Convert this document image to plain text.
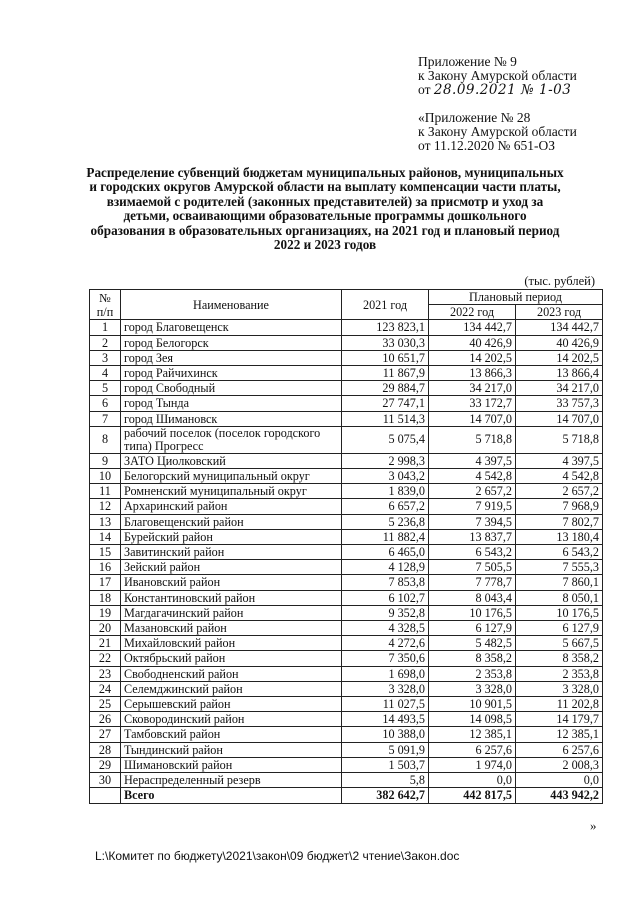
Приложение № 9
к Закону Амурской области
от 28.09.2021 № 1-03
«Приложение № 28
к Закону Амурской области
от 11.12.2020 № 651-ОЗ
Распределение субвенций бюджетам муниципальных районов, муниципальных и городских округов Амурской области на выплату компенсации части платы, взимаемой с родителей (законных представителей) за присмотр и уход за детьми, осваивающими образовательные программы дошкольного образования в образовательных организациях, на 2021 год и плановый период 2022 и 2023 годов
(тыс. рублей)
№ п/п	Наименование	2021 год	Плановый период	
			2022 год	2023 год
1	город Благовещенск	123 823,1	134 442,7	134 442,7
2	город Белогорск	33 030,3	40 426,9	40 426,9
3	город Зея	10 651,7	14 202,5	14 202,5
4	город Райчихинск	11 867,9	13 866,3	13 866,4
5	город Свободный	29 884,7	34 217,0	34 217,0
6	город Тында	27 747,1	33 172,7	33 757,3
7	город Шимановск	11 514,3	14 707,0	14 707,0
8	рабочий поселок (поселок городского типа) Прогресс	5 075,4	5 718,8	5 718,8
9	ЗАТО Циолковский	2 998,3	4 397,5	4 397,5
10	Белогорский муниципальный округ	3 043,2	4 542,8	4 542,8
11	Ромненский муниципальный округ	1 839,0	2 657,2	2 657,2
12	Архаринский район	6 657,2	7 919,5	7 968,9
13	Благовещенский район	5 236,8	7 394,5	7 802,7
14	Бурейский район	11 882,4	13 837,7	13 180,4
15	Завитинский район	6 465,0	6 543,2	6 543,2
16	Зейский район	4 128,9	7 505,5	7 555,3
17	Ивановский район	7 853,8	7 778,7	7 860,1
18	Константиновский район	6 102,7	8 043,4	8 050,1
19	Магдагачинский район	9 352,8	10 176,5	10 176,5
20	Мазановский район	4 328,5	6 127,9	6 127,9
21	Михайловский район	4 272,6	5 482,5	5 667,5
22	Октябрьский район	7 350,6	8 358,2	8 358,2
23	Свободненский район	1 698,0	2 353,8	2 353,8
24	Селемджинский район	3 328,0	3 328,0	3 328,0
25	Серышевский район	11 027,5	10 901,5	11 202,8
26	Сковородинский район	14 493,5	14 098,5	14 179,7
27	Тамбовский район	10 388,0	12 385,1	12 385,1
28	Тындинский район	5 091,9	6 257,6	6 257,6
29	Шимановский район	1 503,7	1 974,0	2 008,3
30	Нераспределенный резерв	5,8	0,0	0,0
	Всего	382 642,7	442 817,5	443 942,2
»
L:\Комитет по бюджету\2021\закон\09 бюджет\2 чтение\Закон.doc
